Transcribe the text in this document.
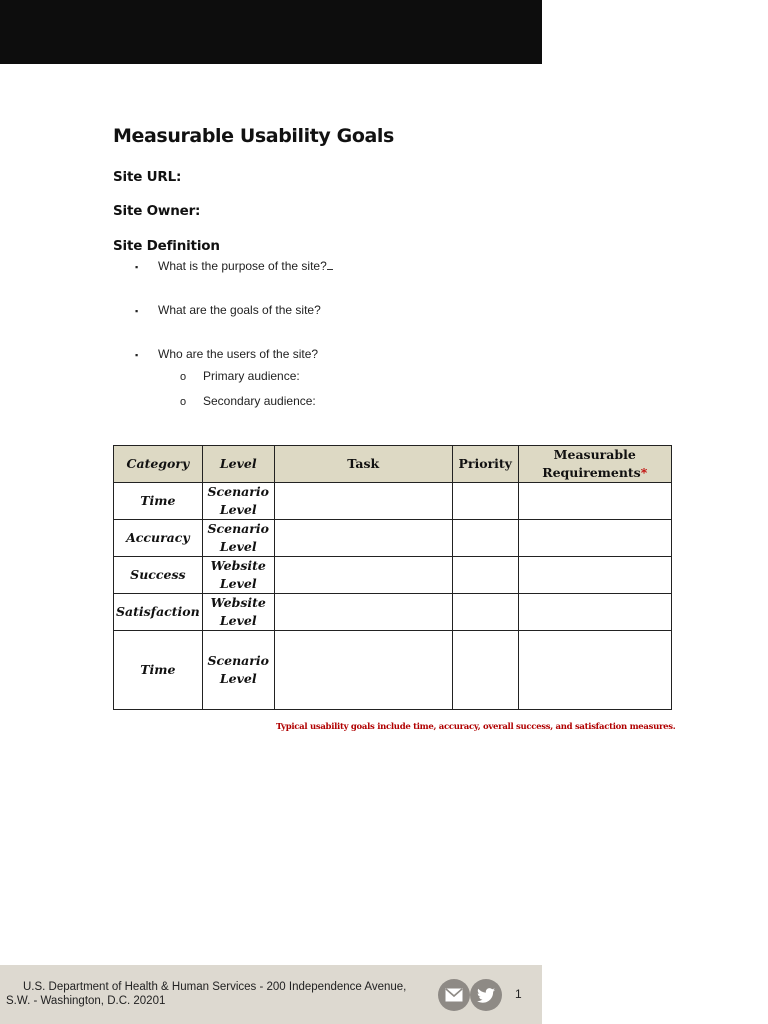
Measurable Usability Goals

Site URL:

Site Owner:

Site Definition

▪ What is the purpose of the site?
▪ What are the goals of the site?
▪ Who are the users of the site?
o Primary audience:
o Secondary audience:
Category	Level	Task	Priority	Measurable Requirements*
Time	Scenario Level			
Accuracy	Scenario Level			
Success	Website Level			
Satisfaction	Website Level			
Time	Scenario Level			

Typical usability goals include time, accuracy, overall success, and satisfaction measures.

U.S. Department of Health & Human Services - 200 Independence Avenue,
S.W. - Washington, D.C. 20201	1
